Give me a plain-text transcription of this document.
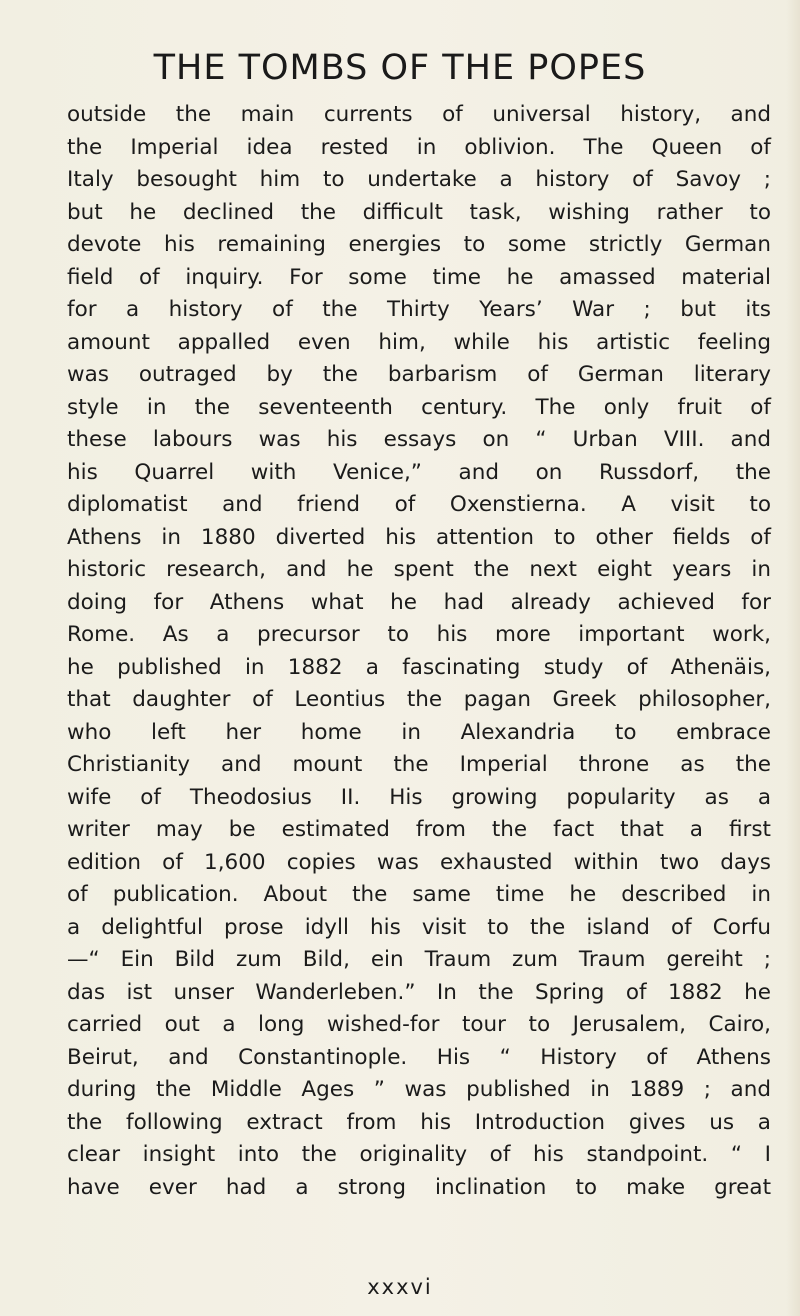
THE TOMBS OF THE POPES
outside the main currents of universal history, and
the Imperial idea rested in oblivion. The Queen of
Italy besought him to undertake a history of Savoy ;
but he declined the difficult task, wishing rather to
devote his remaining energies to some strictly German
field of inquiry. For some time he amassed material
for a history of the Thirty Years’ War ; but its
amount appalled even him, while his artistic feeling
was outraged by the barbarism of German literary
style in the seventeenth century. The only fruit of
these labours was his essays on “ Urban VIII. and
his Quarrel with Venice,” and on Russdorf, the
diplomatist and friend of Oxenstierna. A visit to
Athens in 1880 diverted his attention to other fields of
historic research, and he spent the next eight years in
doing for Athens what he had already achieved for
Rome. As a precursor to his more important work,
he published in 1882 a fascinating study of Athenäis,
that daughter of Leontius the pagan Greek philosopher,
who left her home in Alexandria to embrace
Christianity and mount the Imperial throne as the
wife of Theodosius II. His growing popularity as a
writer may be estimated from the fact that a first
edition of 1,600 copies was exhausted within two days
of publication. About the same time he described in
a delightful prose idyll his visit to the island of Corfu
—“ Ein Bild zum Bild, ein Traum zum Traum gereiht ;
das ist unser Wanderleben.” In the Spring of 1882 he
carried out a long wished-for tour to Jerusalem, Cairo,
Beirut, and Constantinople. His “ History of Athens
during the Middle Ages ” was published in 1889 ; and
the following extract from his Introduction gives us a
clear insight into the originality of his standpoint. “ I
have ever had a strong inclination to make great
xxxvi
